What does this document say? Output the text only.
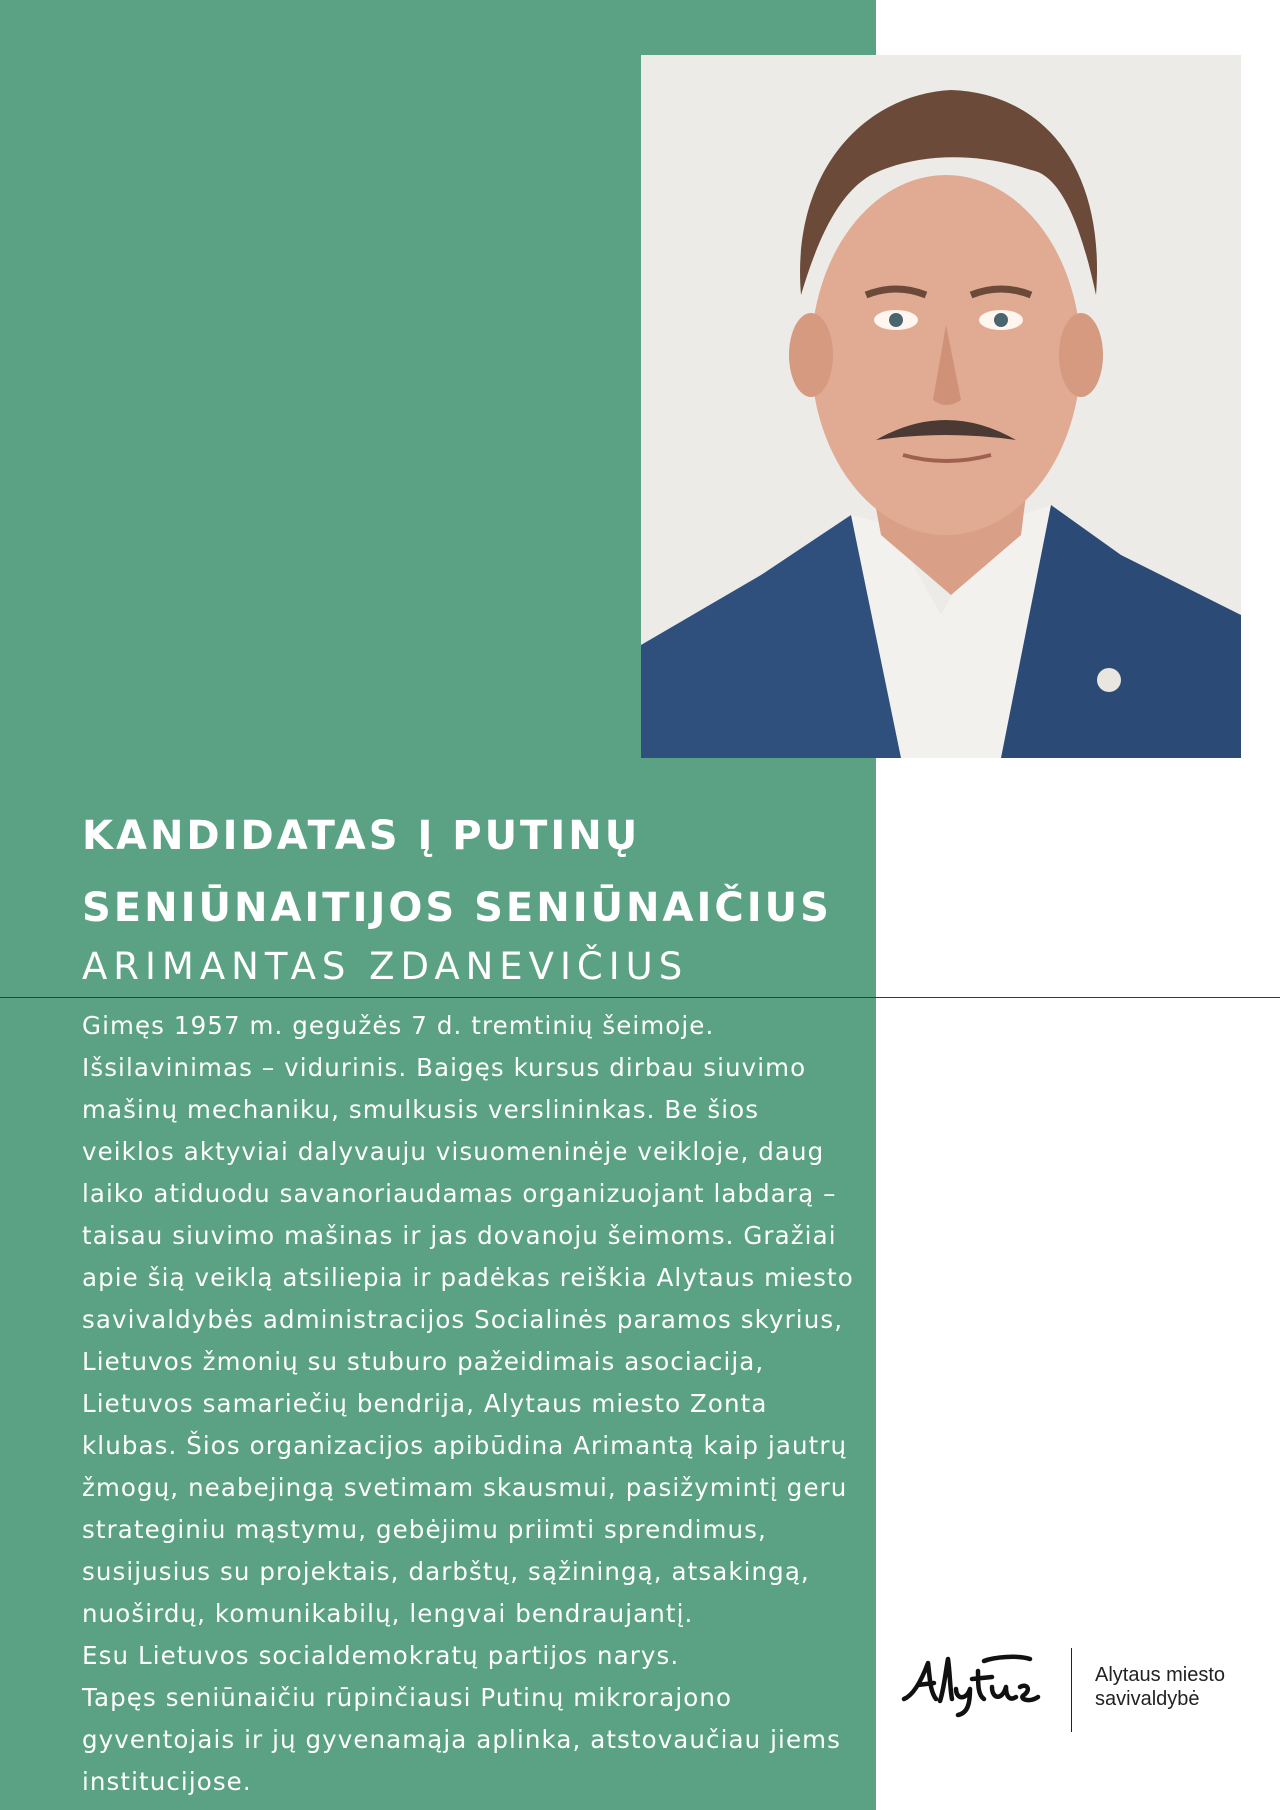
KANDIDATAS Į PUTINŲ
SENIŪNAITIJOS SENIŪNAIČIUS
ARIMANTAS ZDANEVIČIUS
Gimęs 1957 m. gegužės 7 d. tremtinių šeimoje.
Išsilavinimas – vidurinis. Baigęs kursus dirbau siuvimo
mašinų mechaniku, smulkusis verslininkas. Be šios
veiklos aktyviai dalyvauju visuomeninėje veikloje, daug
laiko atiduodu savanoriaudamas organizuojant labdarą –
taisau siuvimo mašinas ir jas dovanoju šeimoms. Gražiai
apie šią veiklą atsiliepia ir padėkas reiškia Alytaus miesto
savivaldybės administracijos Socialinės paramos skyrius,
Lietuvos žmonių su stuburo pažeidimais asociacija,
Lietuvos samariečių bendrija, Alytaus miesto Zonta
klubas. Šios organizacijos apibūdina Arimantą kaip jautrų
žmogų, neabejingą svetimam skausmui, pasižymintį geru
strateginiu mąstymu, gebėjimu priimti sprendimus,
susijusius su projektais, darbštų, sąžiningą, atsakingą,
nuoširdų, komunikabilų, lengvai bendraujantį.
Esu Lietuvos socialdemokratų partijos narys.
Tapęs seniūnaičiu rūpinčiausi Putinų mikrorajono
gyventojais ir jų gyvenamąja aplinka, atstovaučiau jiems
institucijose.
Alytaus miesto
savivaldybė
